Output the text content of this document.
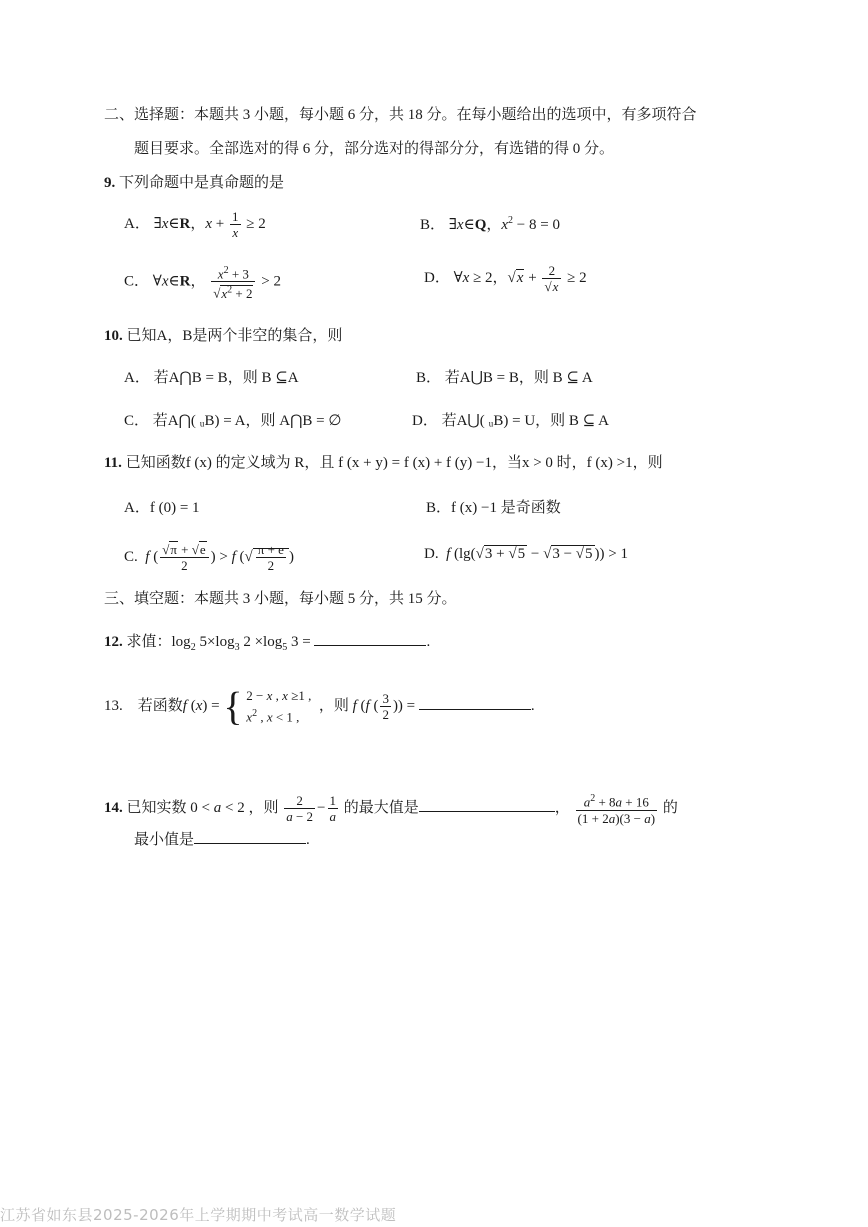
二、选择题：本题共 3 小题，每小题 6 分，共 18 分。在每小题给出的选项中，有多项符合
题目要求。全部选对的得 6 分，部分选对的得部分分，有选错的得 0 分。
9. 下列命题中是真命题的是
A． ∃x∈R，$x + \frac{1}{x} \ge 2$	B． ∃x∈Q，$x^2 - 8 = 0$
C． ∀x∈R， $\frac{x^2 + 3}{√x^2 + 2} > 2$	D． ∀x ≥ 2，$√x + \frac{2}{√x} \ge 2$
10. 已知A，B是两个非空的集合，则
A． 若A⋂B = B，则 B ⊆A	B． 若A⋃B = B，则 B ⊆ A
C． 若A⋂( ᵤB) = A，则 A⋂B = ∅	D． 若A⋃( ᵤB) = U，则 B ⊆ A
11. 已知函数f (x) 的定义域为 R，且 f (x + y) = f (x) + f (y) −1，当x > 0 时，f (x) >1，则
A．f (0) = 1	B．f (x) −1 是奇函数
C. f ( $\frac{√\pi + √e}{2}$ ) > f (√ $\frac{\pi + e}{2}$ )	D. f (lg(√3 + √5 − √3 − √5 )) > 1
三、填空题：本题共 3 小题，每小题 5 分，共 15 分。
12. 求值：$\log_2 5\times\log_3$ $2 \times\log_5$ 3 =	.
13. 若函数f (x) = { 2 − x , x ≥1 ,
$x^2$ , x < 1 ,  ，则 f (f ( $\frac{3}{2}$ )) =	.
14. 已知实数 0 < a < 2 ，则 $\frac{2}{a - 2} - \frac{1}{a}$ 的最大值是	， $\frac{a^2 + 8a + 16}{(1 + 2a)(3 - a)}$ 的
最小值是	.
江苏省如东县2025-2026年上学期期中考试高一数学试题
